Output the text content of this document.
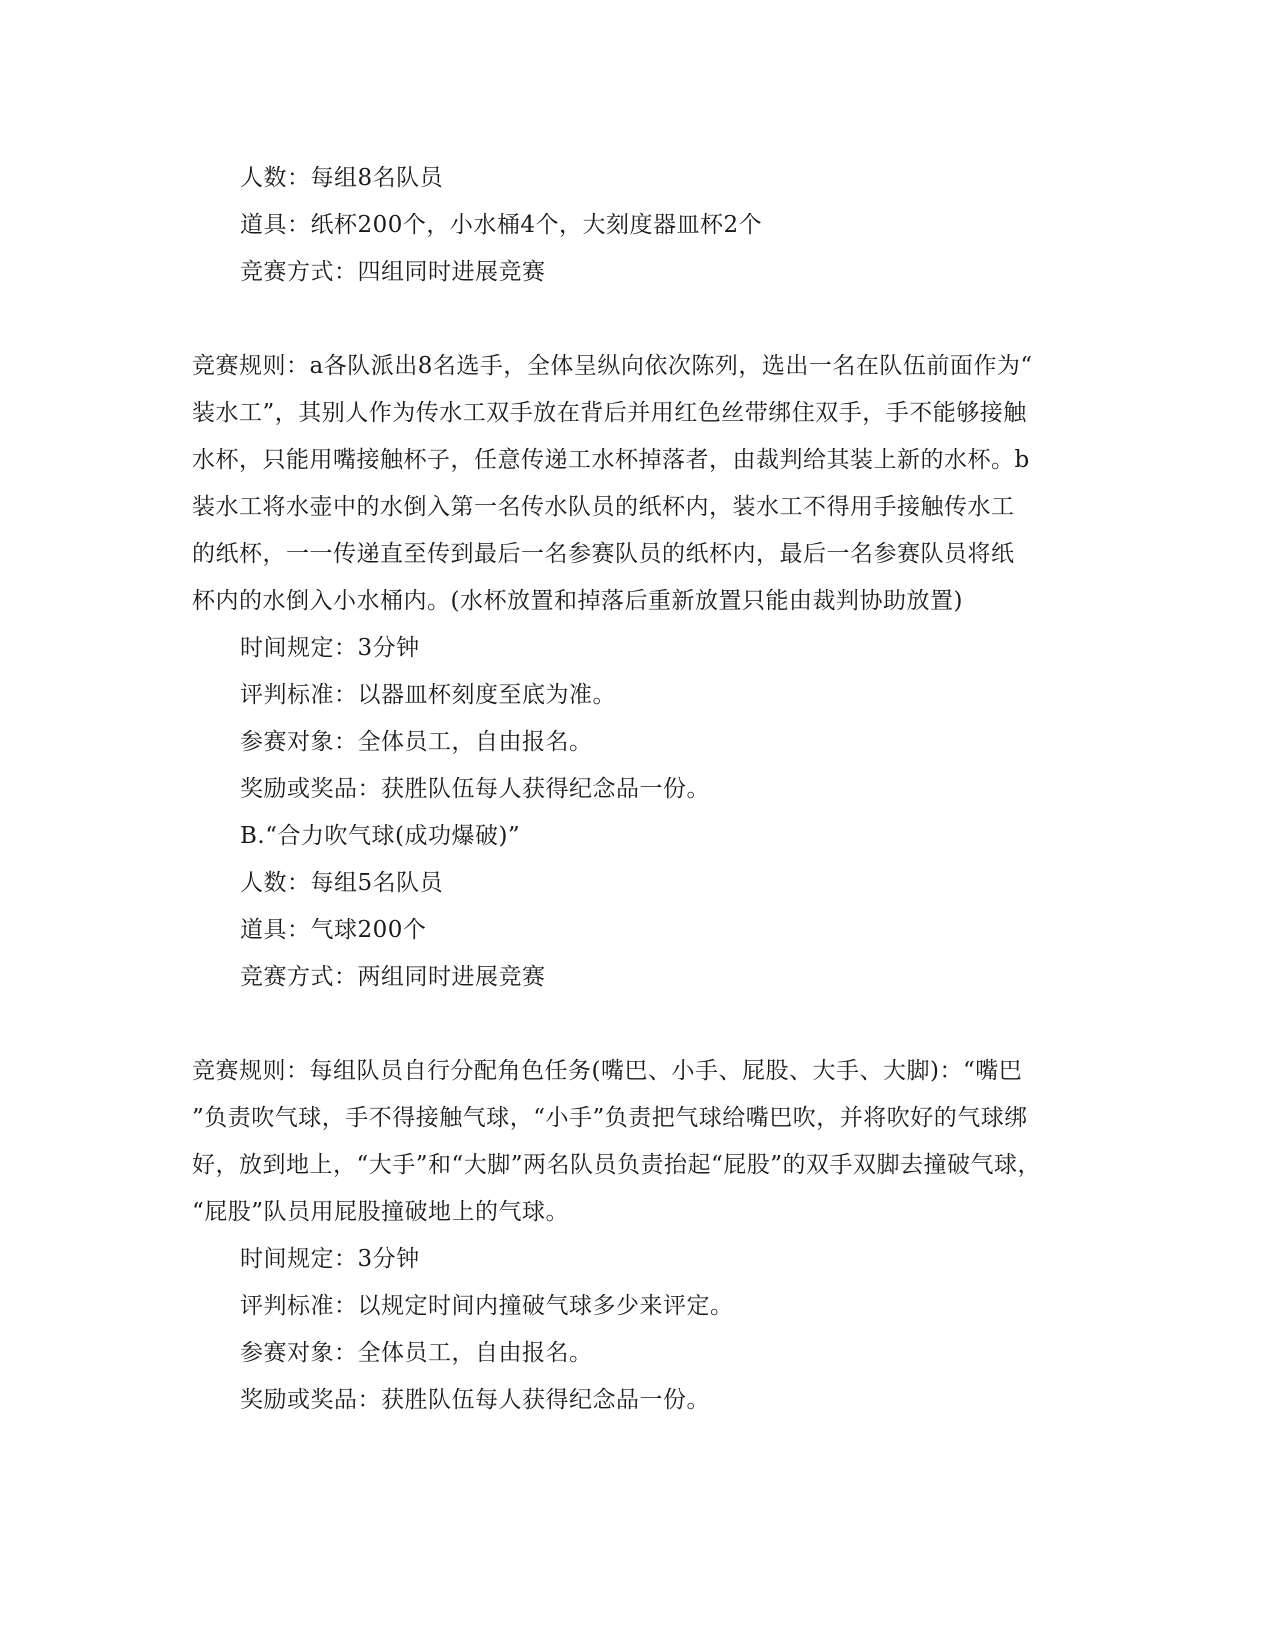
人数：每组8名队员
道具：纸杯200个，小水桶4个，大刻度器皿杯2个
竞赛方式：四组同时进展竞赛
竞赛规则：a各队派出8名选手，全体呈纵向依次陈列，选出一名在队伍前面作为“
装水工”，其别人作为传水工双手放在背后并用红色丝带绑住双手，手不能够接触
水杯，只能用嘴接触杯子，任意传递工水杯掉落者，由裁判给其装上新的水杯。b
装水工将水壶中的水倒入第一名传水队员的纸杯内，装水工不得用手接触传水工
的纸杯，一一传递直至传到最后一名参赛队员的纸杯内，最后一名参赛队员将纸
杯内的水倒入小水桶内。(水杯放置和掉落后重新放置只能由裁判协助放置)
时间规定：3分钟
评判标准：以器皿杯刻度至底为准。
参赛对象：全体员工，自由报名。
奖励或奖品：获胜队伍每人获得纪念品一份。
B.“合力吹气球(成功爆破)”
人数：每组5名队员
道具：气球200个
竞赛方式：两组同时进展竞赛
竞赛规则：每组队员自行分配角色任务(嘴巴、小手、屁股、大手、大脚)：“嘴巴
”负责吹气球，手不得接触气球，“小手”负责把气球给嘴巴吹，并将吹好的气球绑
好，放到地上，“大手”和“大脚”两名队员负责抬起“屁股”的双手双脚去撞破气球，
“屁股”队员用屁股撞破地上的气球。
时间规定：3分钟
评判标准：以规定时间内撞破气球多少来评定。
参赛对象：全体员工，自由报名。
奖励或奖品：获胜队伍每人获得纪念品一份。
